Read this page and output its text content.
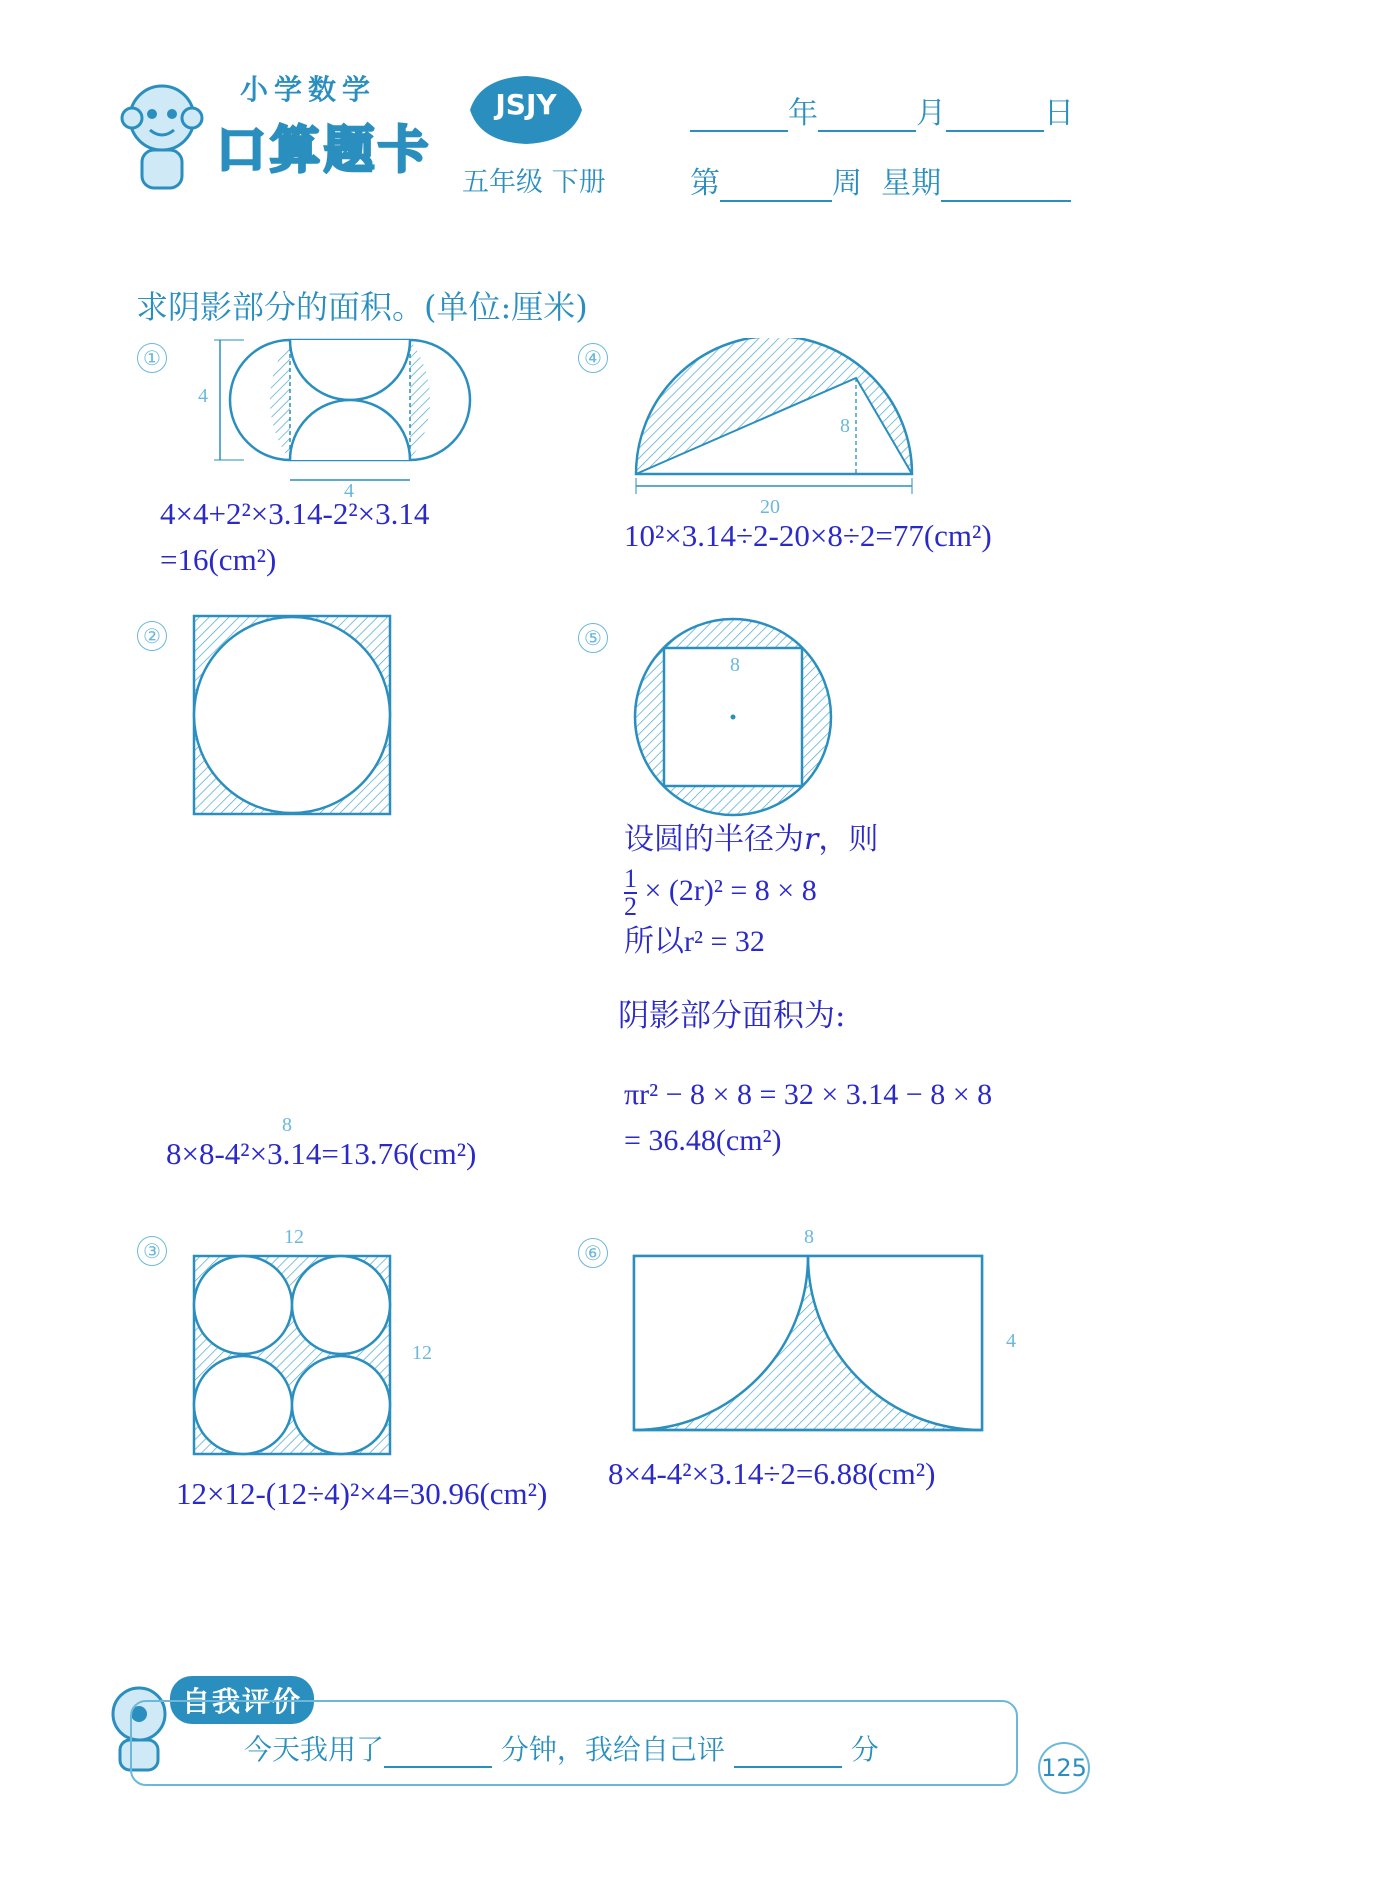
小学数学
口算题卡
JSJY
五年级 下册
年	月	日
第	周 星期
求阴影部分的面积。(单位:厘米)
①
4
4
4×4+2²×3.14-2²×3.14
=16(cm²)
②
8
8×8-4²×3.14=13.76(cm²)
③
12
12
12×12-(12÷4)²×4=30.96(cm²)
④
8
20
10²×3.14÷2-20×8÷2=77(cm²)
⑤
8
设圆的半径为r，则
$\frac{1}{2} \times (2r)^2 = 8 \times 8$
所以r² = 32
阴影部分面积为:
πr² − 8 × 8 = 32 × 3.14 − 8 × 8
= 36.48(cm²)
⑥
8
4
8×4-4²×3.14÷2=6.88(cm²)
自我评价
今天我用了	分钟，我给自己评	分
125
